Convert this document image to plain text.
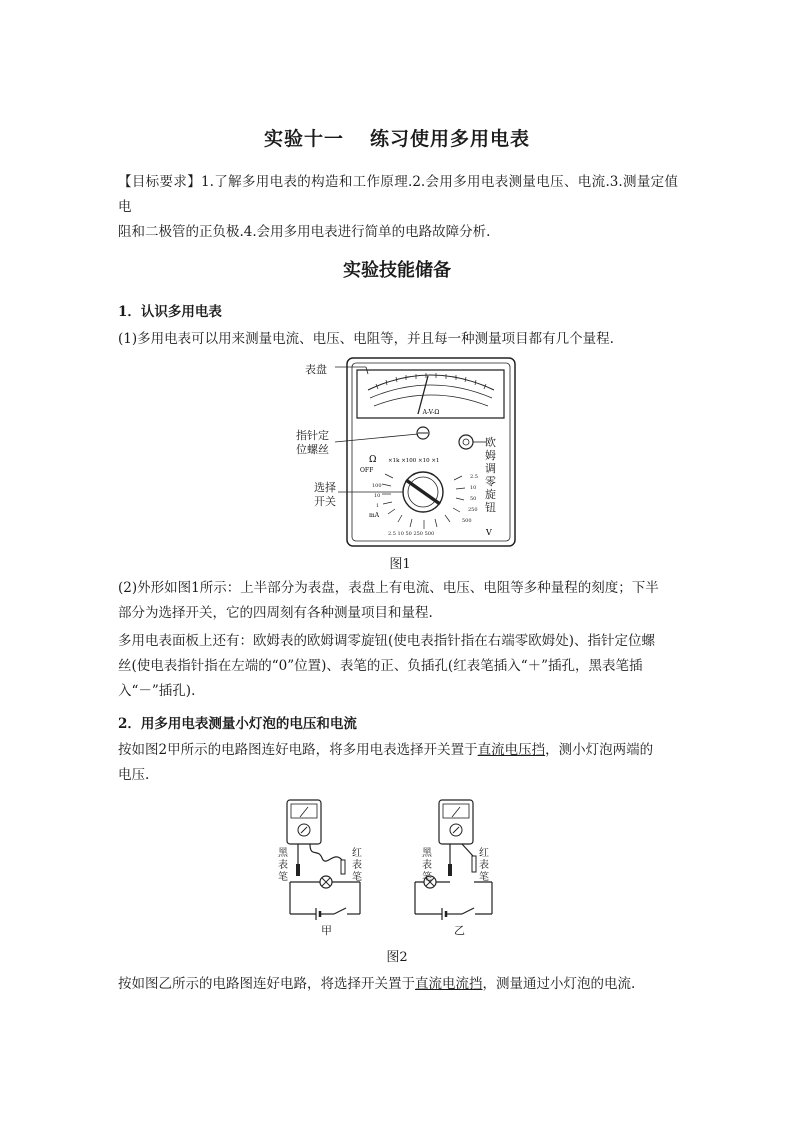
实验十一 练习使用多用电表
【目标要求】1.了解多用电表的构造和工作原理.2.会用多用电表测量电压、电流.3.测量定值电
阻和二极管的正负极.4.会用多用电表进行简单的电路故障分析.
实验技能储备
1．认识多用电表
(1)多用电表可以用来测量电流、电压、电阻等，并且每一种测量项目都有几个量程.
A-V-Ω
Ω ×1k ×100 ×10 ×1
OFF
100
10
1
2.5
10
50
250
500
2.5 10 50 250 500
mA
V
表盘
指针定
位螺丝
选择
开关
欧姆调零旋钮
图1
(2)外形如图1所示：上半部分为表盘，表盘上有电流、电压、电阻等多种量程的刻度；下半
部分为选择开关，它的四周刻有各种测量项目和量程.
多用电表面板上还有：欧姆表的欧姆调零旋钮(使电表指针指在右端零欧姆处)、指针定位螺
丝(使电表指针指在左端的“0”位置)、表笔的正、负插孔(红表笔插入“＋”插孔，黑表笔插
入“－”插孔).
2．用多用电表测量小灯泡的电压和电流
按如图2甲所示的电路图连好电路，将多用电表选择开关置于直流电压挡，测小灯泡两端的
电压.
黑表笔
红表笔
黑表笔
红表笔
甲	乙
图2
按如图乙所示的电路图连好电路，将选择开关置于直流电流挡，测量通过小灯泡的电流.
